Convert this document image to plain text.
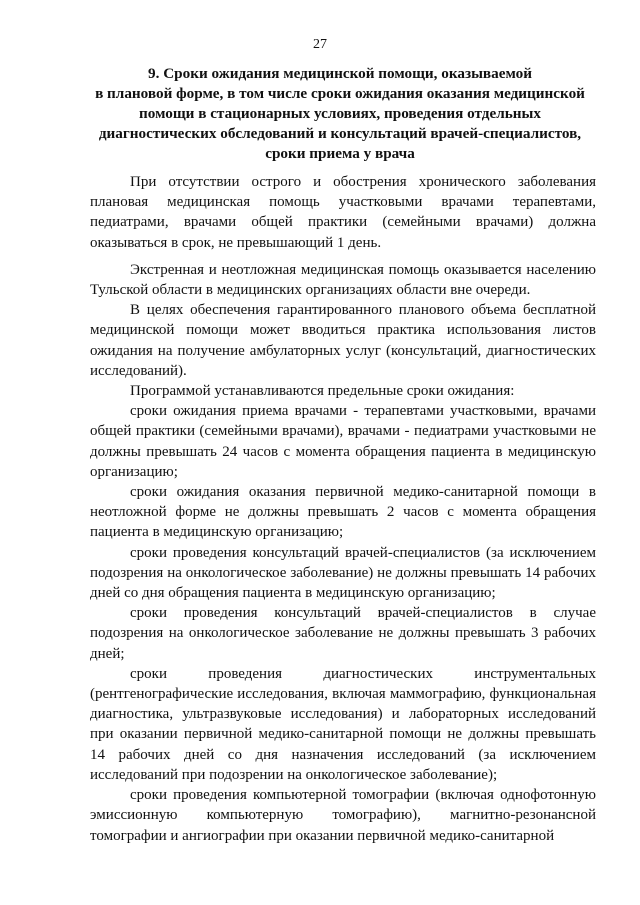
27
9. Сроки ожидания медицинской помощи, оказываемой
в плановой форме, в том числе сроки ожидания оказания медицинской
помощи в стационарных условиях, проведения отдельных
диагностических обследований и консультаций врачей-специалистов,
сроки приема у врача

При отсутствии острого и обострения хронического заболевания плановая медицинская помощь участковыми врачами терапевтами, педиатрами, врачами общей практики (семейными врачами) должна оказываться в срок, не превышающий 1 день.

Экстренная и неотложная медицинская помощь оказывается населению Тульской области в медицинских организациях области вне очереди.

В целях обеспечения гарантированного планового объема бесплатной медицинской помощи может вводиться практика использования листов ожидания на получение амбулаторных услуг (консультаций, диагностических исследований).

Программой устанавливаются предельные сроки ожидания:

сроки ожидания приема врачами - терапевтами участковыми, врачами общей практики (семейными врачами), врачами - педиатрами участковыми не должны превышать 24 часов с момента обращения пациента в медицинскую организацию;

сроки ожидания оказания первичной медико-санитарной помощи в неотложной форме не должны превышать 2 часов с момента обращения пациента в медицинскую организацию;

сроки проведения консультаций врачей-специалистов (за исключением подозрения на онкологическое заболевание) не должны превышать 14 рабочих дней со дня обращения пациента в медицинскую организацию;

сроки проведения консультаций врачей-специалистов в случае подозрения на онкологическое заболевание не должны превышать 3 рабочих дней;

сроки проведения диагностических инструментальных (рентгенографические исследования, включая маммографию, функциональная диагностика, ультразвуковые исследования) и лабораторных исследований при оказании первичной медико-санитарной помощи не должны превышать 14 рабочих дней со дня назначения исследований (за исключением исследований при подозрении на онкологическое заболевание);

сроки проведения компьютерной томографии (включая однофотонную эмиссионную компьютерную томографию), магнитно-резонансной томографии и ангиографии при оказании первичной медико-санитарной
